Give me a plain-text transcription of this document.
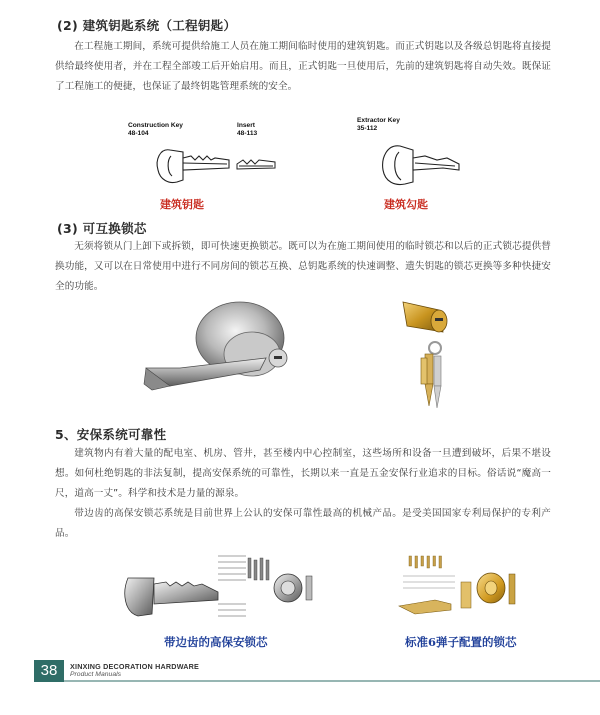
(2) 建筑钥匙系统（工程钥匙）

在工程施工期间，系统可提供给施工人员在施工期间临时使用的建筑钥匙。而正式钥匙以及各级总钥匙将直接提供给最终使用者，并在工程全部竣工后开始启用。而且，正式钥匙一旦使用后，先前的建筑钥匙将自动失效。既保证了工程施工的便捷，也保证了最终钥匙管理系统的安全。

Construction Key
48-104
Insert
48-113
Extractor Key
35-112
建筑钥匙	建筑勾匙
(3) 可互换锁芯

无须将锁从门上卸下或拆锁，即可快速更换锁芯。既可以为在施工期间使用的临时锁芯和以后的正式锁芯提供替换功能，又可以在日常使用中进行不同房间的锁芯互换、总钥匙系统的快速调整、遗失钥匙的锁芯更换等多种快捷安全的功能。

5、安保系统可靠性

建筑物内有着大量的配电室、机房、管井，甚至楼内中心控制室，这些场所和设备一旦遭到破坏，后果不堪设想。如何杜绝钥匙的非法复制，提高安保系统的可靠性，长期以来一直是五金安保行业追求的目标。俗话说“魔高一尺，道高一丈”。科学和技术是力量的源泉。

带边齿的高保安锁芯系统是目前世界上公认的安保可靠性最高的机械产品。是受美国国家专利局保护的专利产品。

带边齿的高保安锁芯	标准6弹子配置的锁芯
38	XINXING DECORATION HARDWARE
Product Manuals
